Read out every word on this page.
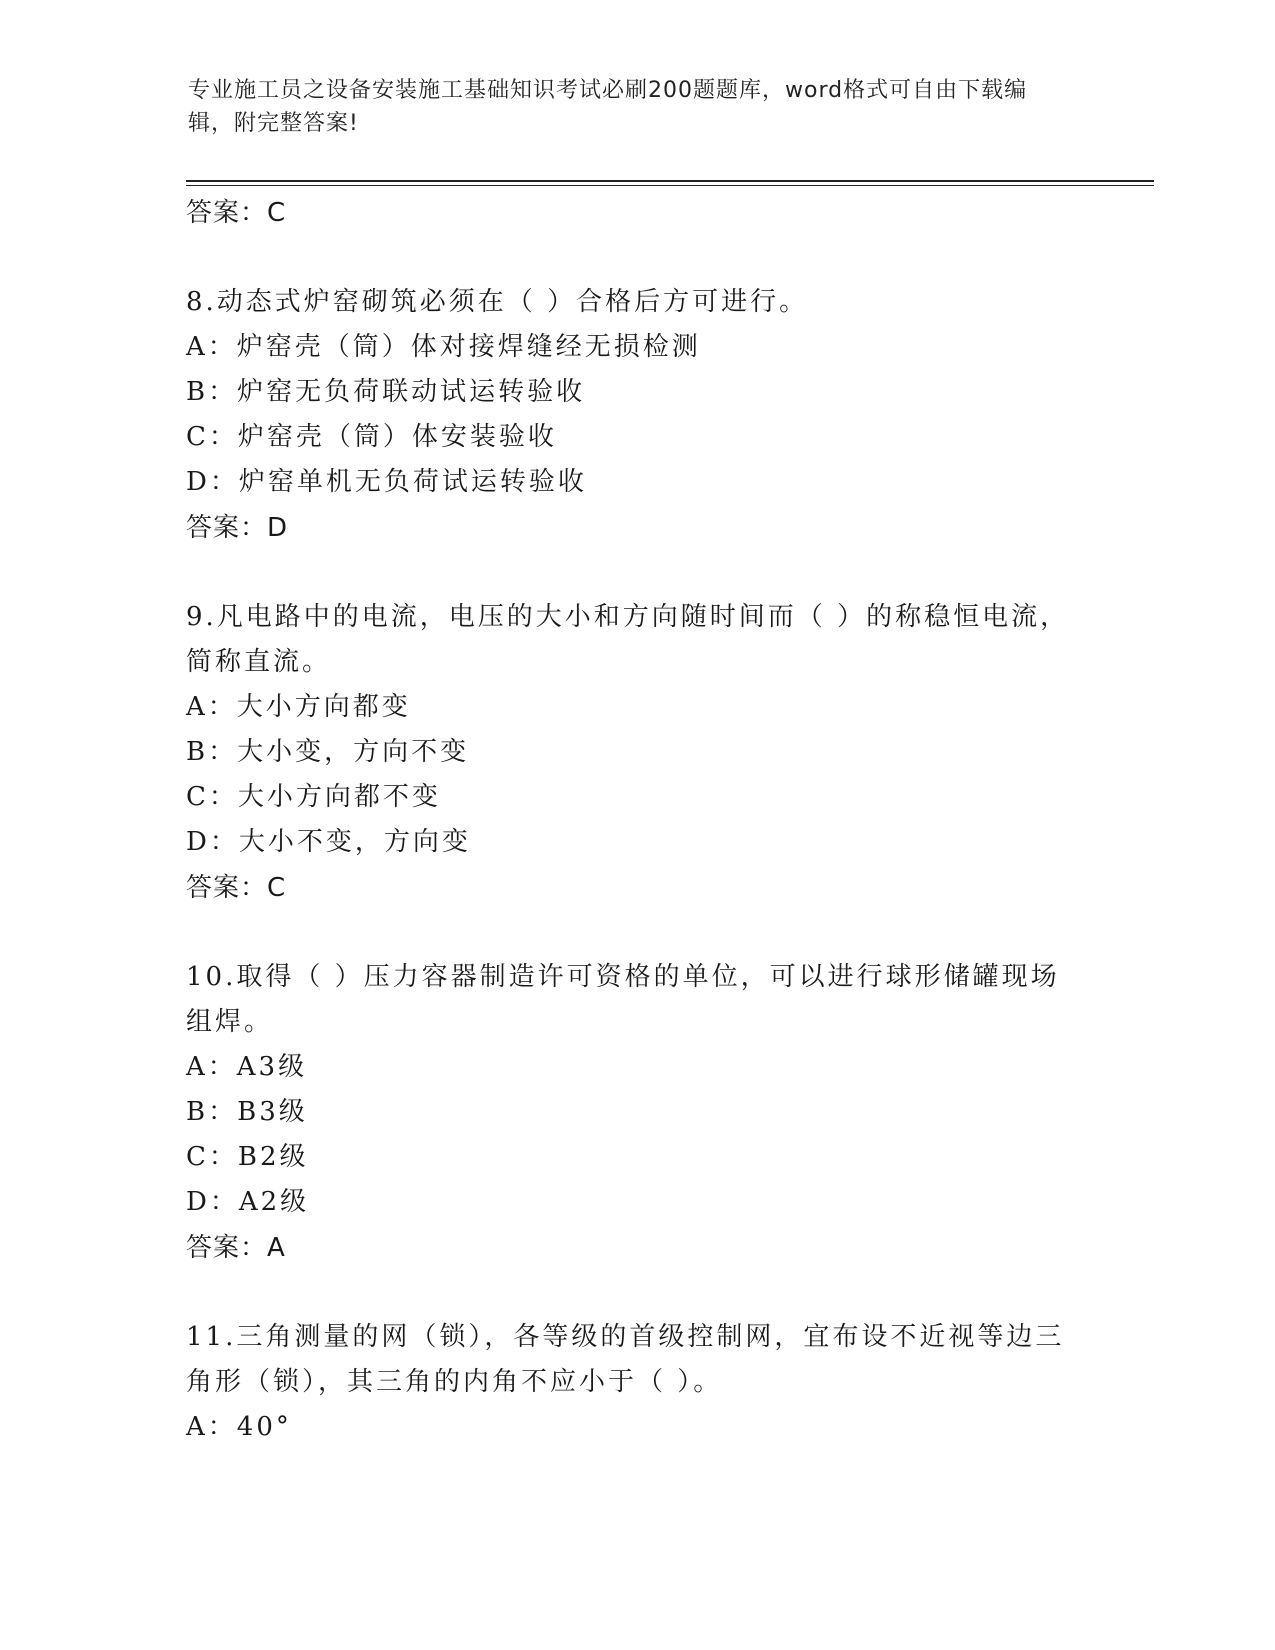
专业施工员之设备安装施工基础知识考试必刷200题题库，word格式可自由下载编辑，附完整答案!
答案：C
8.动态式炉窑砌筑必须在（ ）合格后方可进行。
A：炉窑壳（筒）体对接焊缝经无损检测
B：炉窑无负荷联动试运转验收
C：炉窑壳（筒）体安装验收
D：炉窑单机无负荷试运转验收
答案：D
9.凡电路中的电流，电压的大小和方向随时间而（ ）的称稳恒电流，简称直流。
A：大小方向都变
B：大小变，方向不变
C：大小方向都不变
D：大小不变，方向变
答案：C
10.取得（ ）压力容器制造许可资格的单位，可以进行球形储罐现场组焊。
A：A3级
B：B3级
C：B2级
D：A2级
答案：A
11.三角测量的网（锁），各等级的首级控制网，宜布设不近视等边三角形（锁），其三角的内角不应小于（ ）。
A：40°
